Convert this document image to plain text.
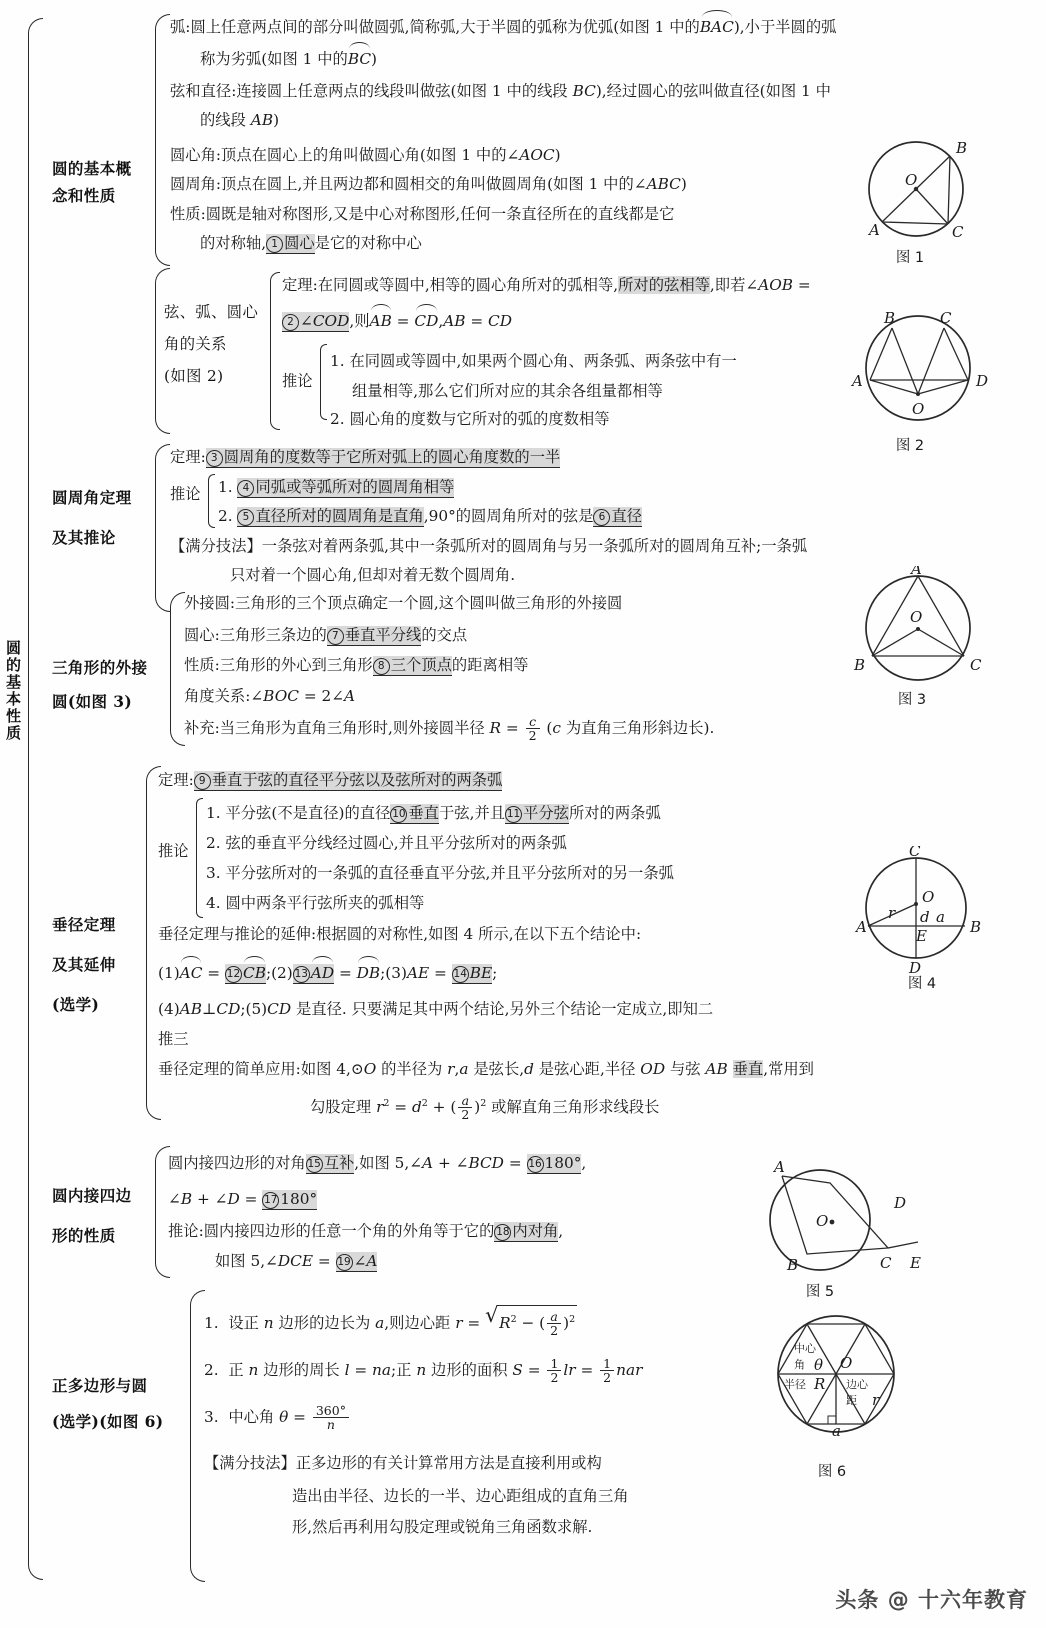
圆的基本性质
圆的基本概
念和性质
弧:圆上任意两点间的部分叫做圆弧,简称弧,大于半圆的弧称为优弧(如图 1 中的BAC),小于半圆的弧
称为劣弧(如图 1 中的BC)
弦和直径:连接圆上任意两点的线段叫做弦(如图 1 中的线段 BC),经过圆心的弦叫做直径(如图 1 中
的线段 AB)
圆心角:顶点在圆心上的角叫做圆心角(如图 1 中的∠AOC)
圆周角:顶点在圆上,并且两边都和圆相交的角叫做圆周角(如图 1 中的∠ABC)
性质:圆既是轴对称图形,又是中心对称图形,任何一条直径所在的直线都是它
的对称轴, 1 圆心是它的对称中心
O
B
A	C
图 1
弦、弧、圆心
角的关系
(如图 2)
定理:在同圆或等圆中,相等的圆心角所对的弧相等,所对的弦相等,即若∠AOB =
2 ∠COD,则AB = CD,AB = CD
推论
1. 在同圆或等圆中,如果两个圆心角、两条弧、两条弦中有一
组量相等,那么它们所对应的其余各组量都相等
2. 圆心角的度数与它所对的弧的度数相等
B	C
A	D
O
图 2
圆周角定理
及其推论
定理: 3 圆周角的度数等于它所对弧上的圆心角度数的一半
推论 1. 4 同弧或等弧所对的圆周角相等
2. 5 直径所对的圆周角是直角,90°的圆周角所对的弦是 6 直径
【满分技法】一条弦对着两条弧,其中一条弧所对的圆周角与另一条弧所对的圆周角互补;一条弧
只对着一个圆心角,但却对着无数个圆周角.
三角形的外接
圆(如图 3)
外接圆:三角形的三个顶点确定一个圆,这个圆叫做三角形的外接圆
圆心:三角形三条边的 7 垂直平分线的交点
性质:三角形的外心到三角形 8 三个顶点的距离相等
角度关系:∠BOC = 2∠A
补充:当三角形为直角三角形时,则外接圆半径 $R = \frac{c}{2} (c$ 为直角三角形斜边长).
A
B	C
O
图 3
垂径定理
及其延伸
(选学)
定理: 9 垂直于弦的直径平分弦以及弦所对的两条弧
推论
1. 平分弦(不是直径)的直径 10 垂直于弦,并且 11 平分弦所对的两条弧
2. 弦的垂直平分线经过圆心,并且平分弦所对的两条弧
3. 平分弦所对的一条弧的直径垂直平分弦,并且平分弦所对的另一条弧
4. 圆中两条平行弦所夹的弧相等
垂径定理与推论的延伸:根据圆的对称性,如图 4 所示,在以下五个结论中:
(1)AC = 12 CB;(2) 13 AD = DB;(3)AE = 14 BE;
(4)AB⊥CD;(5)CD 是直径. 只要满足其中两个结论,另外三个结论一定成立,即知二
推三
垂径定理的简单应用:如图 4,⊙O 的半径为 r,a 是弦长,d 是弦心距,半径 OD 与弦 AB 垂直,常用到
勾股定理 $r^2 = d^2$ + ( $\frac{a}{2} )^2$ 或解直角三角形求线段长
C
O
r d a
A	B
E
D
图 4
圆内接四边
形的性质
圆内接四边形的对角 15 互补,如图 5,∠A + ∠BCD = 16 180°,
∠B + ∠D = 17 180°
推论:圆内接四边形的任意一个角的外角等于它的 18 内对角,
如图 5,∠DCE = 19 ∠A
A
D
B	C E
O
图 5
正多边形与圆
(选学)(如图 6)
1.  设正 n 边形的边长为 a,则边心距 r = √ $R^2$ − ( $\frac{a}{2} )^2$
2.  正 n 边形的周长 l = na;正 n 边形的面积 $S = \frac{1}{2}$ lr = $\frac{1}{2}$ nar
3.  中心角 $\theta = \frac{360^\circ}{n}$
【满分技法】正多边形的有关计算常用方法是直接利用或构
造出由半径、边长的一半、边心距组成的直角三角
形,然后再利用勾股定理或锐角三角函数求解.
中心
角 θ O
半径 R 边心
距 r
a
图 6
头条 @ 十六年教育
